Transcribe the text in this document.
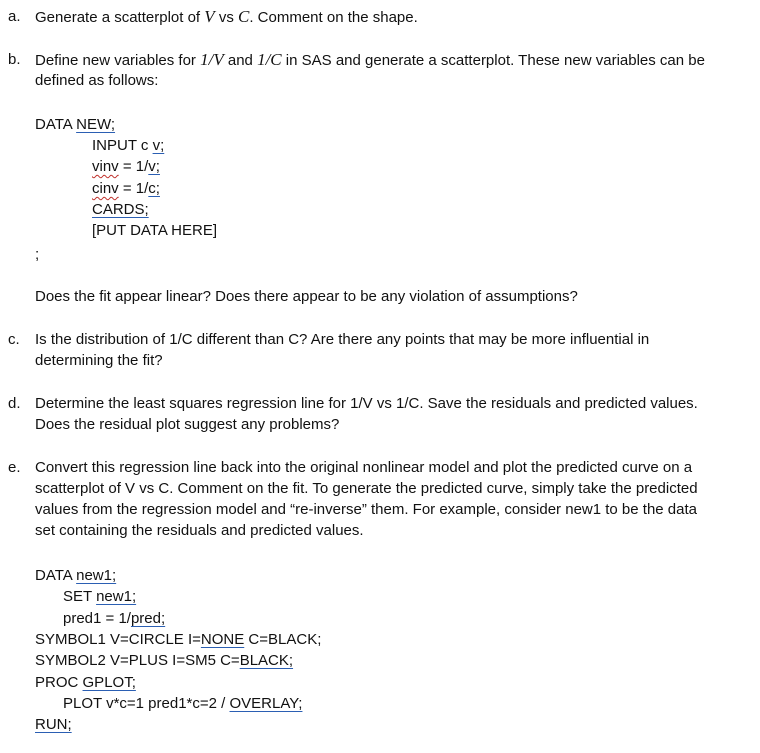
a. Generate a scatterplot of V vs C. Comment on the shape.
b. Define new variables for 1/V and 1/C in SAS and generate a scatterplot. These new variables can be
defined as follows:
DATA NEW;
INPUT c v;
vinv = 1/v;
cinv = 1/c;
CARDS;
[PUT DATA HERE]
;
Does the fit appear linear? Does there appear to be any violation of assumptions?
c. Is the distribution of 1/C different than C? Are there any points that may be more influential in
determining the fit?
d. Determine the least squares regression line for 1/V vs 1/C. Save the residuals and predicted values.
Does the residual plot suggest any problems?
e. Convert this regression line back into the original nonlinear model and plot the predicted curve on a
scatterplot of V vs C. Comment on the fit. To generate the predicted curve, simply take the predicted
values from the regression model and “re-inverse” them. For example, consider new1 to be the data
set containing the residuals and predicted values.
DATA new1;
SET new1;
pred1 = 1/pred;
SYMBOL1 V=CIRCLE I=NONE C=BLACK;
SYMBOL2 V=PLUS I=SM5 C=BLACK;
PROC GPLOT;
PLOT v*c=1 pred1*c=2 / OVERLAY;
RUN;
